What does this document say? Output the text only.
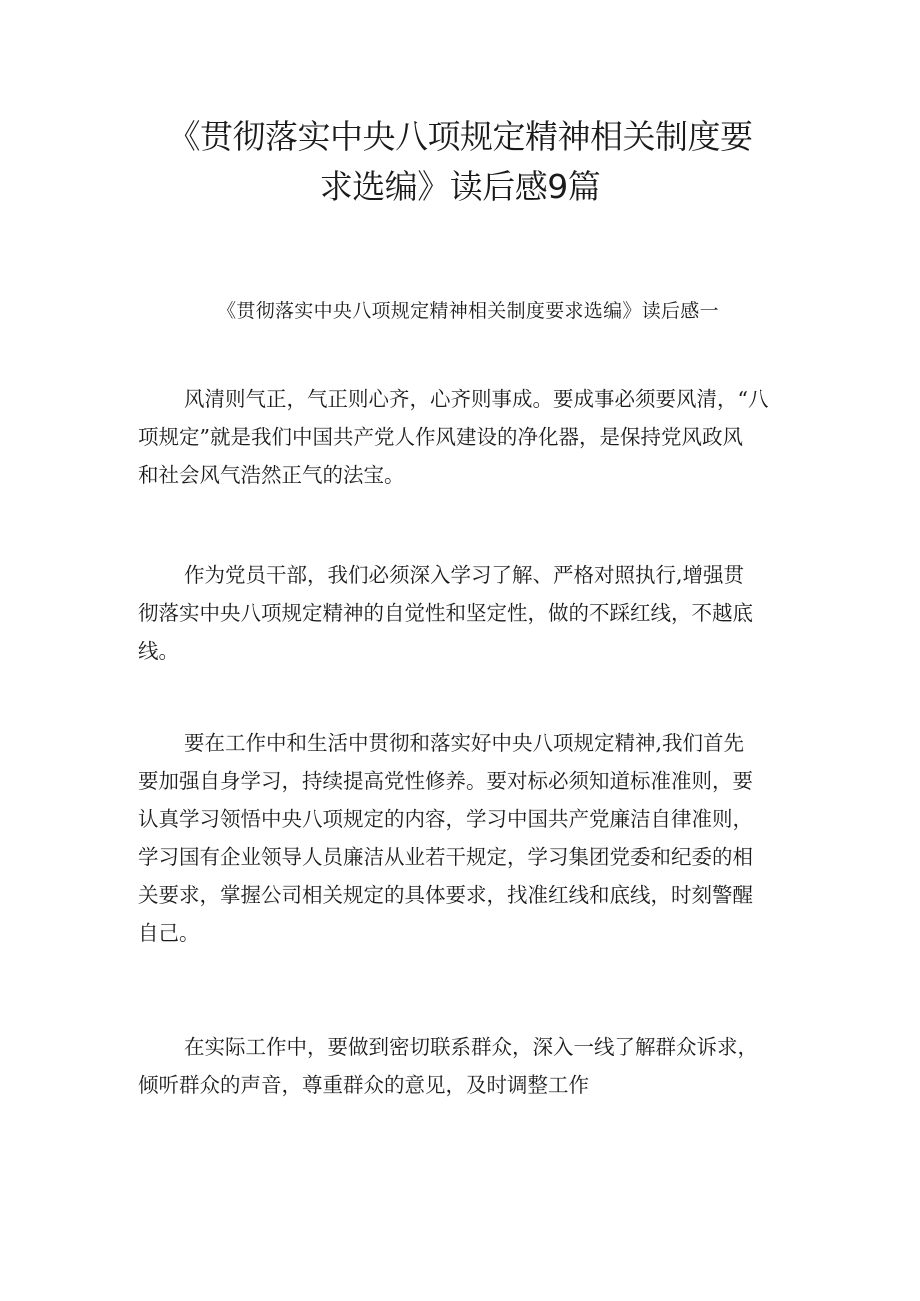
《贯彻落实中央八项规定精神相关制度要
求选编》读后感9篇
《贯彻落实中央八项规定精神相关制度要求选编》读后感一

风清则气正，气正则心齐，心齐则事成。要成事必须要风清，“八
项规定”就是我们中国共产党人作风建设的净化器，是保持党风政风
和社会风气浩然正气的法宝。

作为党员干部，我们必须深入学习了解、严格对照执行,增强贯
彻落实中央八项规定精神的自觉性和坚定性，做的不踩红线，不越底
线。

要在工作中和生活中贯彻和落实好中央八项规定精神,我们首先
要加强自身学习，持续提高党性修养。要对标必须知道标准准则，要
认真学习领悟中央八项规定的内容，学习中国共产党廉洁自律准则，
学习国有企业领导人员廉洁从业若干规定，学习集团党委和纪委的相
关要求，掌握公司相关规定的具体要求，找准红线和底线，时刻警醒
自己。

在实际工作中，要做到密切联系群众，深入一线了解群众诉求，
倾听群众的声音，尊重群众的意见，及时调整工作
